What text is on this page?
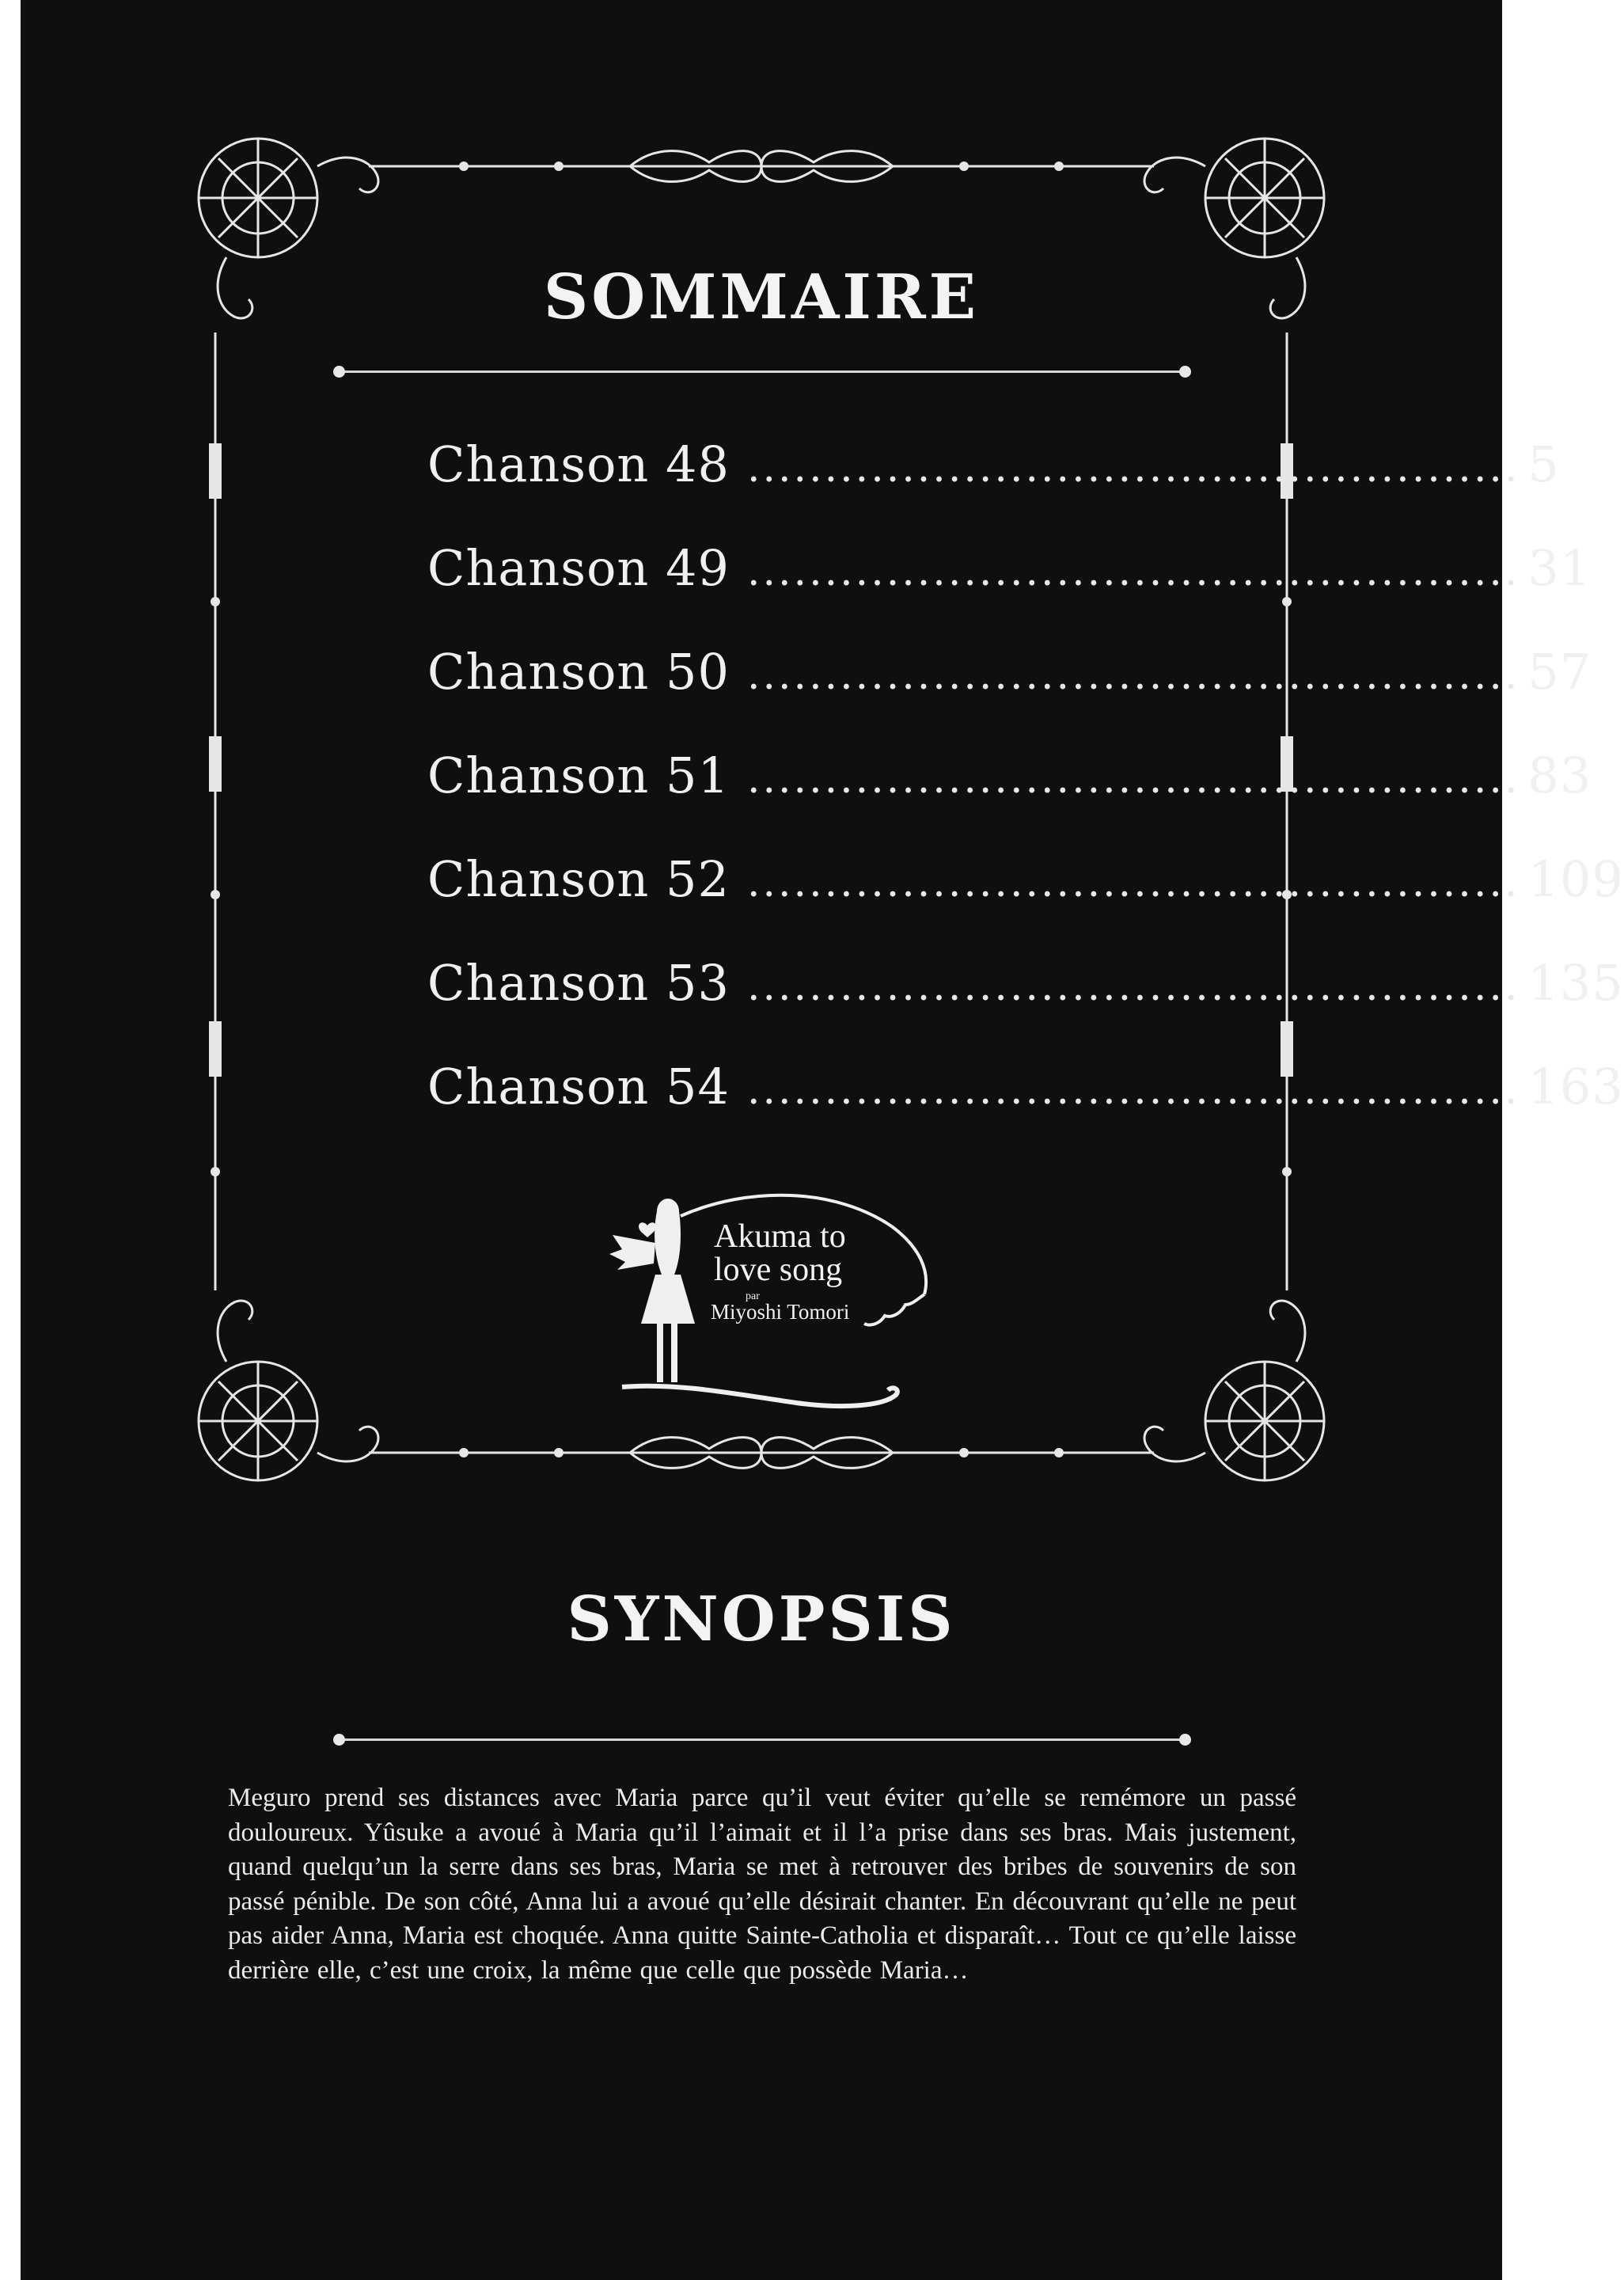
SOMMAIRE
Chanson 48 .................................................. 5
Chanson 49 .................................................. 31
Chanson 50 .................................................. 57
Chanson 51 .................................................. 83
Chanson 52 .................................................. 109
Chanson 53 .................................................. 135
Chanson 54 .................................................. 163
Akuma to
love song
par
Miyoshi Tomori
SYNOPSIS

Meguro prend ses distances avec Maria parce qu’il veut éviter qu’elle se remémore un passé douloureux. Yûsuke a avoué à Maria qu’il l’aimait et il l’a prise dans ses bras. Mais justement, quand quelqu’un la serre dans ses bras, Maria se met à retrouver des bribes de souvenirs de son passé pénible. De son côté, Anna lui a avoué qu’elle désirait chanter. En découvrant qu’elle ne peut pas aider Anna, Maria est choquée. Anna quitte Sainte-Catholia et disparaît… Tout ce qu’elle laisse derrière elle, c’est une croix, la même que celle que possède Maria…
